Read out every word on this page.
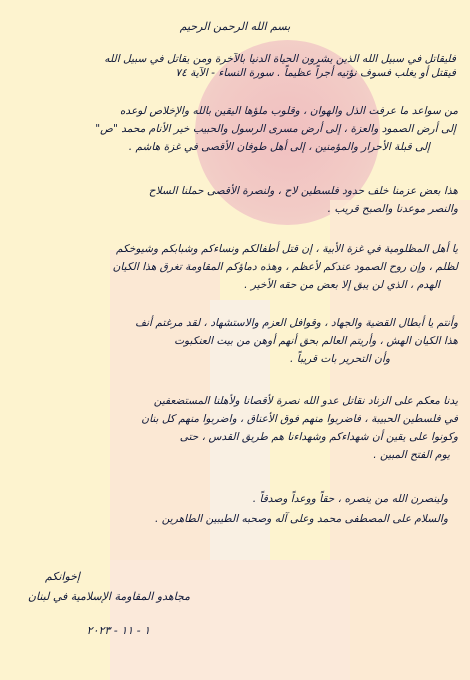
بسم الله الرحمن الرحيم
فليقاتل في سبيل الله الذين يشرون الحياة الدنيا بالآخرة ومن يقاتل في سبيل الله
فيقتل أو يغلب فسوف نؤتيه أجراً عظيماً . سورة النساء - الآية ٧٤
من سواعد ما عرفت الذل والهوان ، وقلوب ملؤها اليقين بالله والإخلاص لوعده
إلى أرض الصمود والعزة ، إلى أرض مسرى الرسول والحبيب خير الأنام محمد "ص"
إلى قبلة الأحرار والمؤمنين ، إلى أهل طوفان الأقصى في غزة هاشم .
هذا بعض عزمنا خلف حدود فلسطين لاح ، ولنصرة الأقصى حملنا السلاح
والنصر موعدنا والصبح قريب .
يا أهل المظلومية في غزة الأبية ، إن قتل أطفالكم ونساءكم وشبابكم وشيوخكم
لظلم ، وإن روح الصمود عندكم لأعظم ، وهذه دماؤكم المقاومة تغرق هذا الكيان
الهدم ، الذي لن يبق إلا بعض من حقه الأخير .
وأنتم يا أبطال القضية والجهاد ، وقوافل العزم والاستشهاد ، لقد مرغتم أنف
هذا الكيان الهش ، وأريتم العالم بحق أنهم أوهن من بيت العنكبوت
وأن التحرير بات قريباً .
يدنا معكم على الزناد نقاتل عدو الله نصرة لأقصانا ولأهلنا المستضعفين
في فلسطين الحبيبة ، فاضربوا منهم فوق الأعناق ، واضربوا منهم كل بنان
وكونوا على يقين أن شهداءكم وشهداءنا هم طريق القدس ، حتى
يوم الفتح المبين .
ولينصرن الله من ينصره ، حقاً ووعداً وصدقاً .
والسلام على المصطفى محمد وعلى آله وصحبه الطيبين الطاهرين .
إخوانكم
مجاهدو المقاومة الإسلامية في لبنان
١ - ١١ - ٢٠٢٣
